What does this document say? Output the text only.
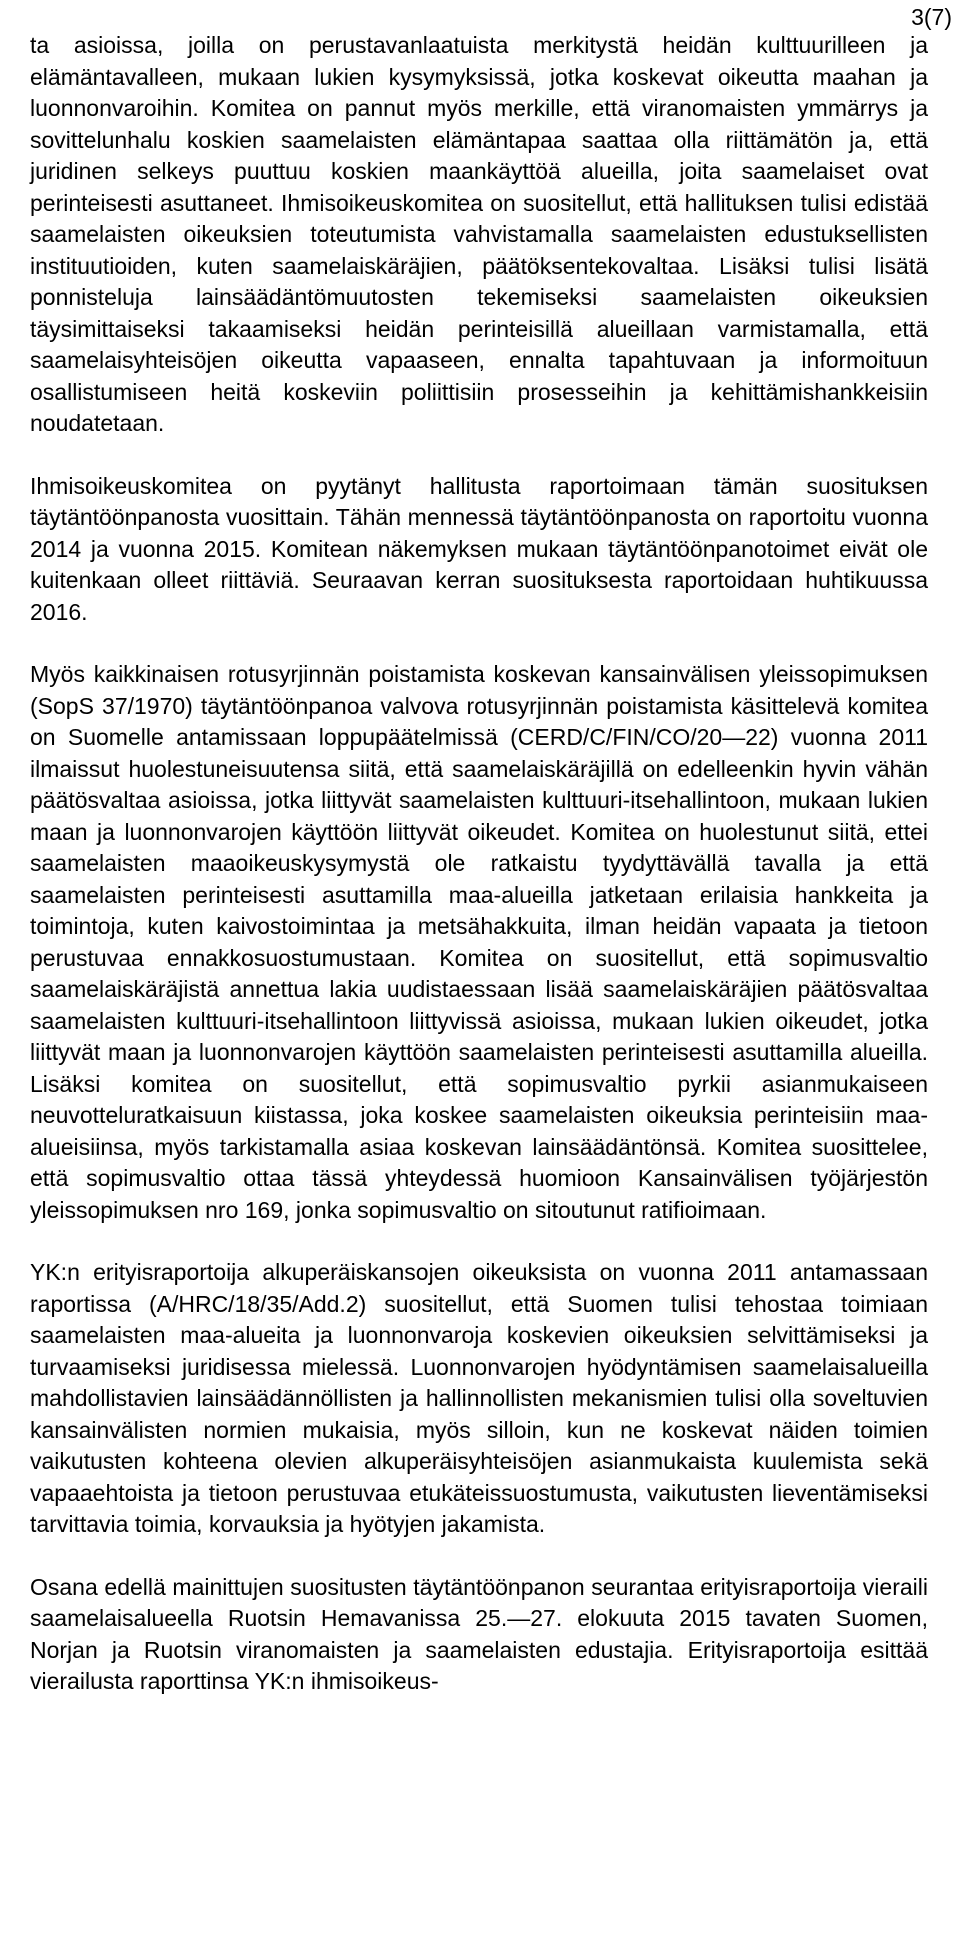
3(7)

ta asioissa, joilla on perustavanlaatuista merkitystä heidän kulttuurilleen ja elämäntavalleen, mukaan lukien kysymyksissä, jotka koskevat oikeutta maahan ja luonnonvaroihin. Komitea on pannut myös merkille, että viranomaisten ymmärrys ja sovittelunhalu koskien saamelaisten elämäntapaa saattaa olla riittämätön ja, että juridinen selkeys puuttuu koskien maankäyttöä alueilla, joita saamelaiset ovat perinteisesti asuttaneet. Ihmisoikeuskomitea on suositellut, että hallituksen tulisi edistää saamelaisten oikeuksien toteutumista vahvistamalla saamelaisten edustuksellisten instituutioiden, kuten saamelaiskäräjien, päätöksentekovaltaa. Lisäksi tulisi lisätä ponnisteluja lainsäädäntömuutosten tekemiseksi saamelaisten oikeuksien täysimittaiseksi takaamiseksi heidän perinteisillä alueillaan varmistamalla, että saamelaisyhteisöjen oikeutta vapaaseen, ennalta tapahtuvaan ja informoituun osallistumiseen heitä koskeviin poliittisiin prosesseihin ja kehittämishankkeisiin noudatetaan.

Ihmisoikeuskomitea on pyytänyt hallitusta raportoimaan tämän suosituksen täytäntöönpanosta vuosittain. Tähän mennessä täytäntöönpanosta on raportoitu vuonna 2014 ja vuonna 2015. Komitean näkemyksen mukaan täytäntöönpanotoimet eivät ole kuitenkaan olleet riittäviä. Seuraavan kerran suosituksesta raportoidaan huhtikuussa 2016.

Myös kaikkinaisen rotusyrjinnän poistamista koskevan kansainvälisen yleissopimuksen (SopS 37/1970) täytäntöönpanoa valvova rotusyrjinnän poistamista käsittelevä komitea on Suomelle antamissaan loppupäätelmissä (CERD/C/FIN/CO/20—22) vuonna 2011 ilmaissut huolestuneisuutensa siitä, että saamelaiskäräjillä on edelleenkin hyvin vähän päätösvaltaa asioissa, jotka liittyvät saamelaisten kulttuuri-itsehallintoon, mukaan lukien maan ja luonnonvarojen käyttöön liittyvät oikeudet. Komitea on huolestunut siitä, ettei saamelaisten maaoikeuskysymystä ole ratkaistu tyydyttävällä tavalla ja että saamelaisten perinteisesti asuttamilla maa-alueilla jatketaan erilaisia hankkeita ja toimintoja, kuten kaivostoimintaa ja metsähakkuita, ilman heidän vapaata ja tietoon perustuvaa ennakkosuostumustaan. Komitea on suositellut, että sopimusvaltio saamelaiskäräjistä annettua lakia uudistaessaan lisää saamelaiskäräjien päätösvaltaa saamelaisten kulttuuri-itsehallintoon liittyvissä asioissa, mukaan lukien oikeudet, jotka liittyvät maan ja luonnonvarojen käyttöön saamelaisten perinteisesti asuttamilla alueilla. Lisäksi komitea on suositellut, että sopimusvaltio pyrkii asianmukaiseen neuvotteluratkaisuun kiistassa, joka koskee saamelaisten oikeuksia perinteisiin maa-alueisiinsa, myös tarkistamalla asiaa koskevan lainsäädäntönsä. Komitea suosittelee, että sopimusvaltio ottaa tässä yhteydessä huomioon Kansainvälisen työjärjestön yleissopimuksen nro 169, jonka sopimusvaltio on sitoutunut ratifioimaan.

YK:n erityisraportoija alkuperäiskansojen oikeuksista on vuonna 2011 antamassaan raportissa (A/HRC/18/35/Add.2) suositellut, että Suomen tulisi tehostaa toimiaan saamelaisten maa-alueita ja luonnonvaroja koskevien oikeuksien selvittämiseksi ja turvaamiseksi juridisessa mielessä. Luonnonvarojen hyödyntämisen saamelaisalueilla mahdollistavien lainsäädännöllisten ja hallinnollisten mekanismien tulisi olla soveltuvien kansainvälisten normien mukaisia, myös silloin, kun ne koskevat näiden toimien vaikutusten kohteena olevien alkuperäisyhteisöjen asianmukaista kuulemista sekä vapaaehtoista ja tietoon perustuvaa etukäteissuostumusta, vaikutusten lieventämiseksi tarvittavia toimia, korvauksia ja hyötyjen jakamista.

Osana edellä mainittujen suositusten täytäntöönpanon seurantaa erityisraportoija vieraili saamelaisalueella Ruotsin Hemavanissa 25.—27. elokuuta 2015 tavaten Suomen, Norjan ja Ruotsin viranomaisten ja saamelaisten edustajia. Erityisraportoija esittää vierailusta raporttinsa YK:n ihmisoikeus-
